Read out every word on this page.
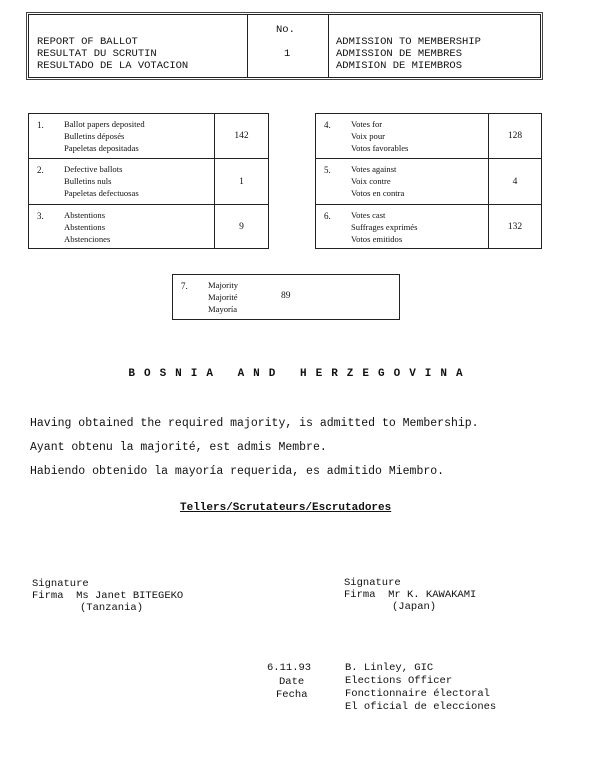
REPORT OF BALLOT
RESULTAT DU SCRUTIN
RESULTADO DE LA VOTACION
No.
1
ADMISSION TO MEMBERSHIP
ADMISSION DE MEMBRES
ADMISION DE MIEMBROS
1. Ballot papers deposited
Bulletins déposés
Papeletas depositadas
142
2. Defective ballots
Bulletins nuls
Papeletas defectuosas
1
3. Abstentions
Abstentions
Abstenciones
9
4. Votes for
Voix pour
Votos favorables
128
5. Votes against
Voix contre
Votos en contra
4
6. Votes cast
Suffrages exprimés
Votos emitidos
132
7. Majority
Majorité
Mayoría
89
BOSNIA AND HERZEGOVINA
Having obtained the required majority, is admitted to Membership.
Ayant obtenu la majorité, est admis Membre.
Habiendo obtenido la mayoría requerida, es admitido Miembro.
Tellers/Scrutateurs/Escrutadores
Signature
Firma  Ms Janet BITEGEKO
(Tanzania)
Signature
Firma  Mr K. KAWAKAMI
(Japan)
6.11.93
Date
Fecha
B. Linley, GIC
Elections Officer
Fonctionnaire électoral
El oficial de elecciones
